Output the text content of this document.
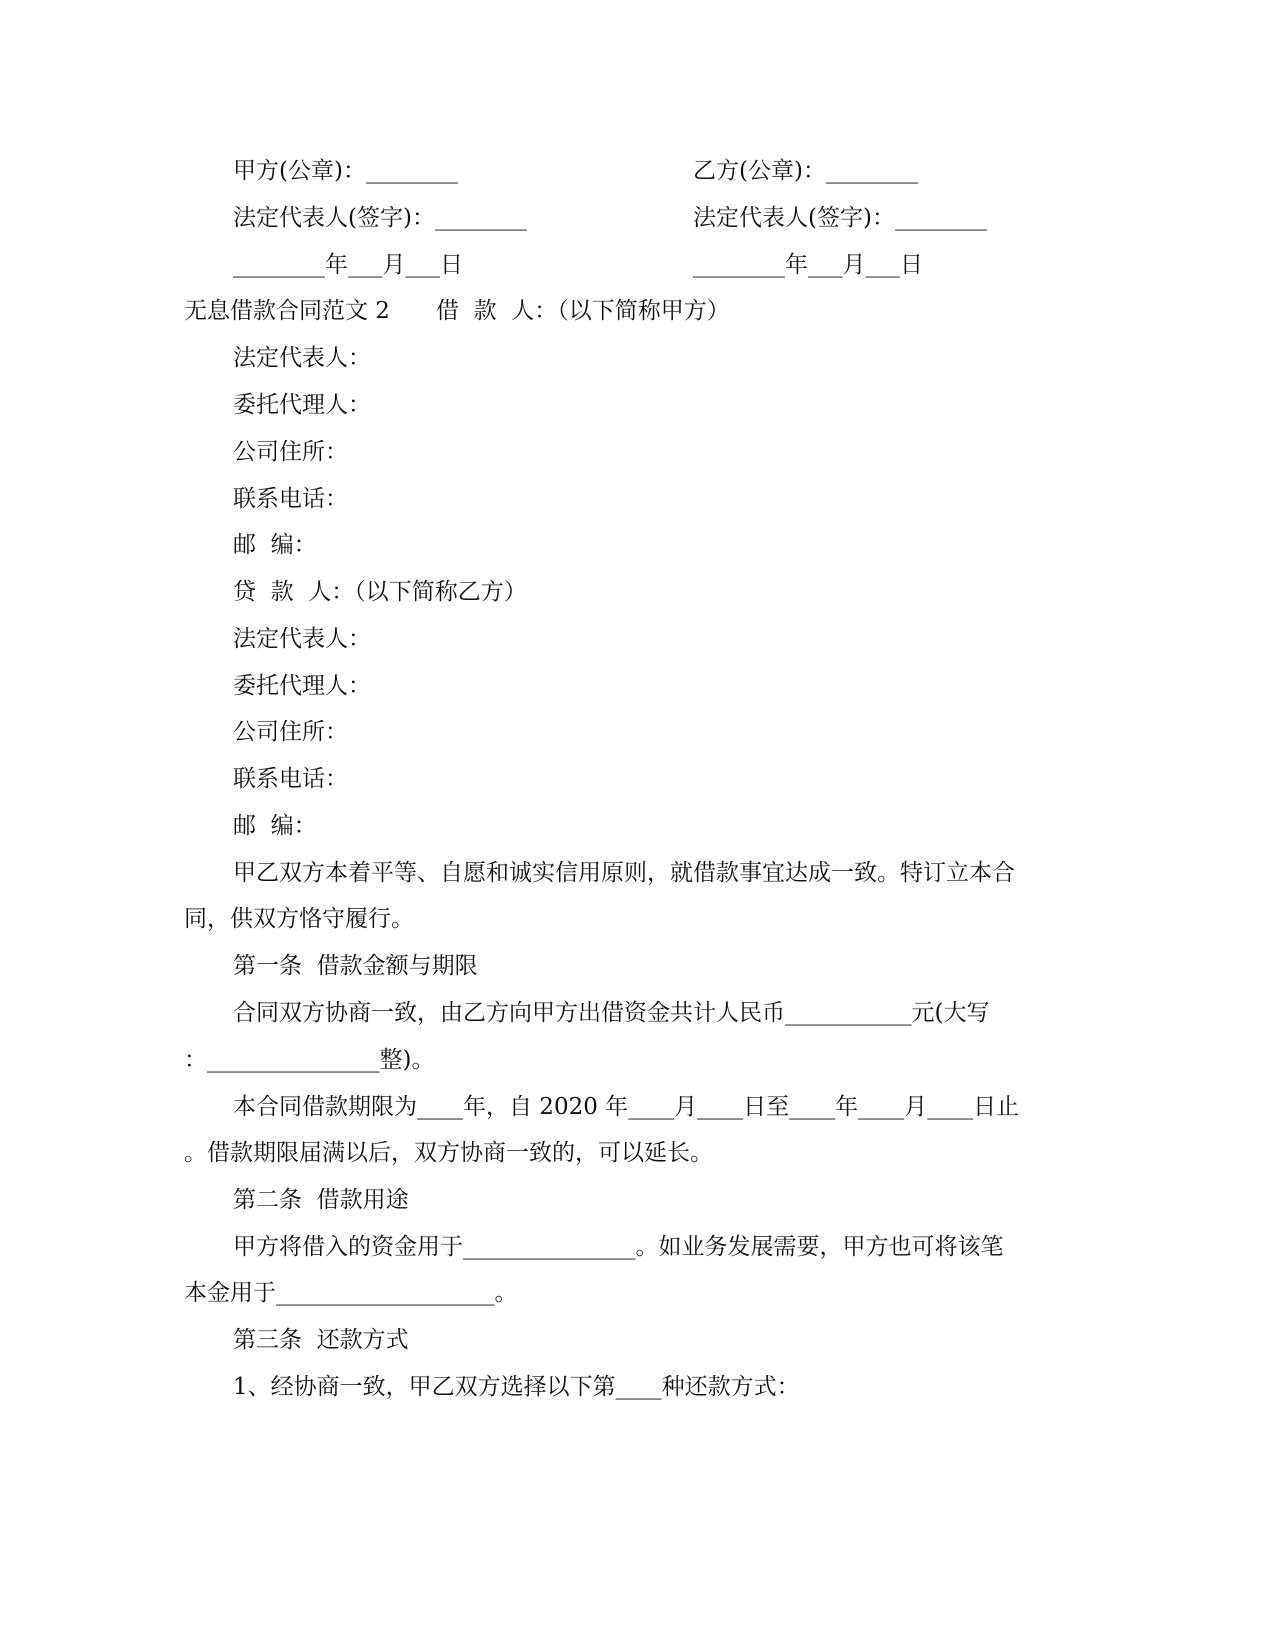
甲方(公章)：________	乙方(公章)：________
法定代表人(签字)：________	法定代表人(签字)：________
________年___月___日	________年___月___日
无息借款合同范文 2　　借  款  人：（以下简称甲方）
法定代表人：
委托代理人：
公司住所：
联系电话：
邮  编：
贷  款  人：（以下简称乙方）
法定代表人：
委托代理人：
公司住所：
联系电话：
邮  编：
甲乙双方本着平等、自愿和诚实信用原则，就借款事宜达成一致。特订立本合
同，供双方恪守履行。
第一条  借款金额与期限
合同双方协商一致，由乙方向甲方出借资金共计人民币___________元(大写
：_______________整)。
本合同借款期限为____年，自 2020 年____月____日至____年____月____日止
。借款期限届满以后，双方协商一致的，可以延长。
第二条  借款用途
甲方将借入的资金用于_______________。如业务发展需要，甲方也可将该笔
本金用于___________________。
第三条  还款方式
1、经协商一致，甲乙双方选择以下第____种还款方式：
